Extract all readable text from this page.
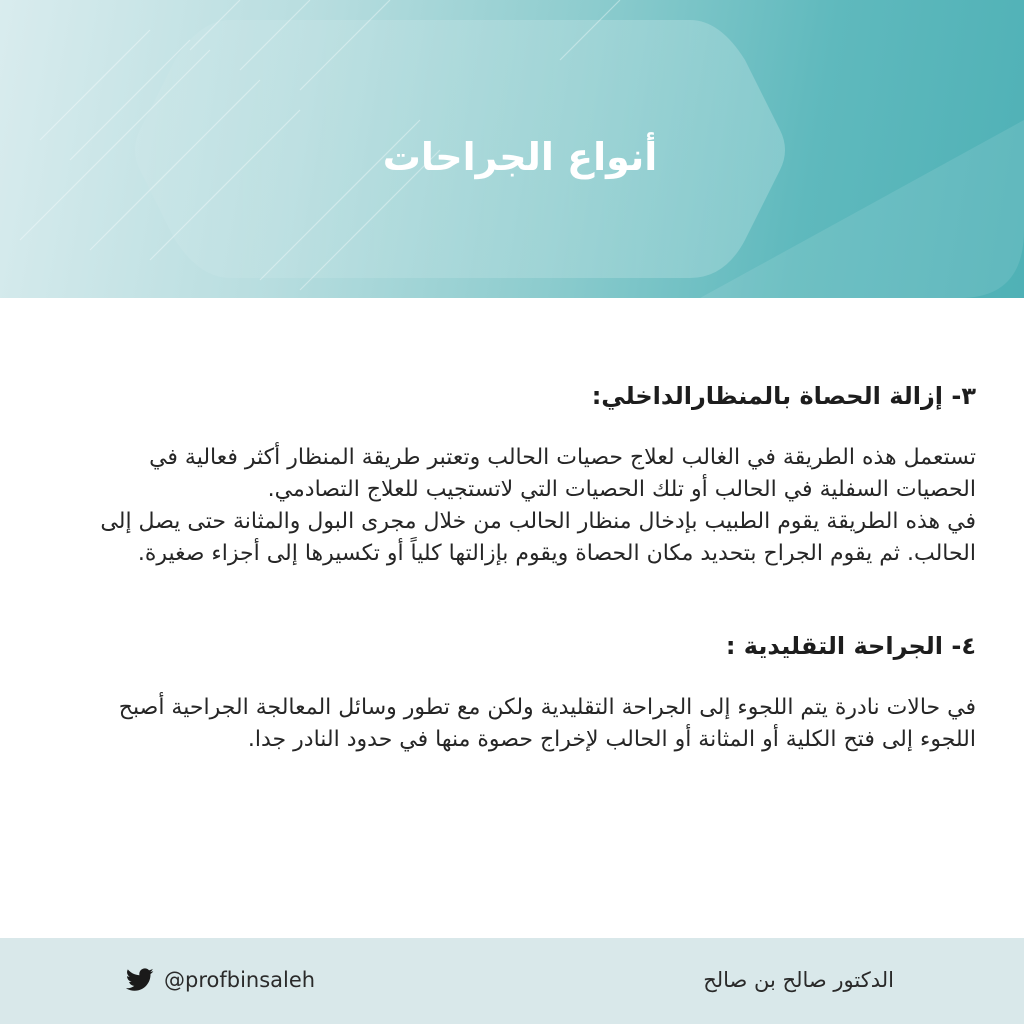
أنواع الجراحات
٣- إزالة الحصاة بالمنظارالداخلي:

تستعمل هذه الطريقة في الغالب لعلاج حصيات الحالب وتعتبر طريقة المنظار أكثر فعالية في الحصيات السفلية في الحالب أو تلك الحصيات التي لاتستجيب للعلاج التصادمي.

في هذه الطريقة يقوم الطبيب بإدخال منظار الحالب من خلال مجرى البول والمثانة حتى يصل إلى الحالب. ثم يقوم الجراح بتحديد مكان الحصاة ويقوم بإزالتها كلياً أو تكسيرها إلى أجزاء صغيرة.

٤- الجراحة التقليدية :

في حالات نادرة يتم اللجوء إلى الجراحة التقليدية ولكن مع تطور وسائل المعالجة الجراحية أصبح اللجوء إلى فتح الكلية أو المثانة أو الحالب لإخراج حصوة منها في حدود النادر جدا.

@profbinsaleh	الدكتور صالح بن صالح
